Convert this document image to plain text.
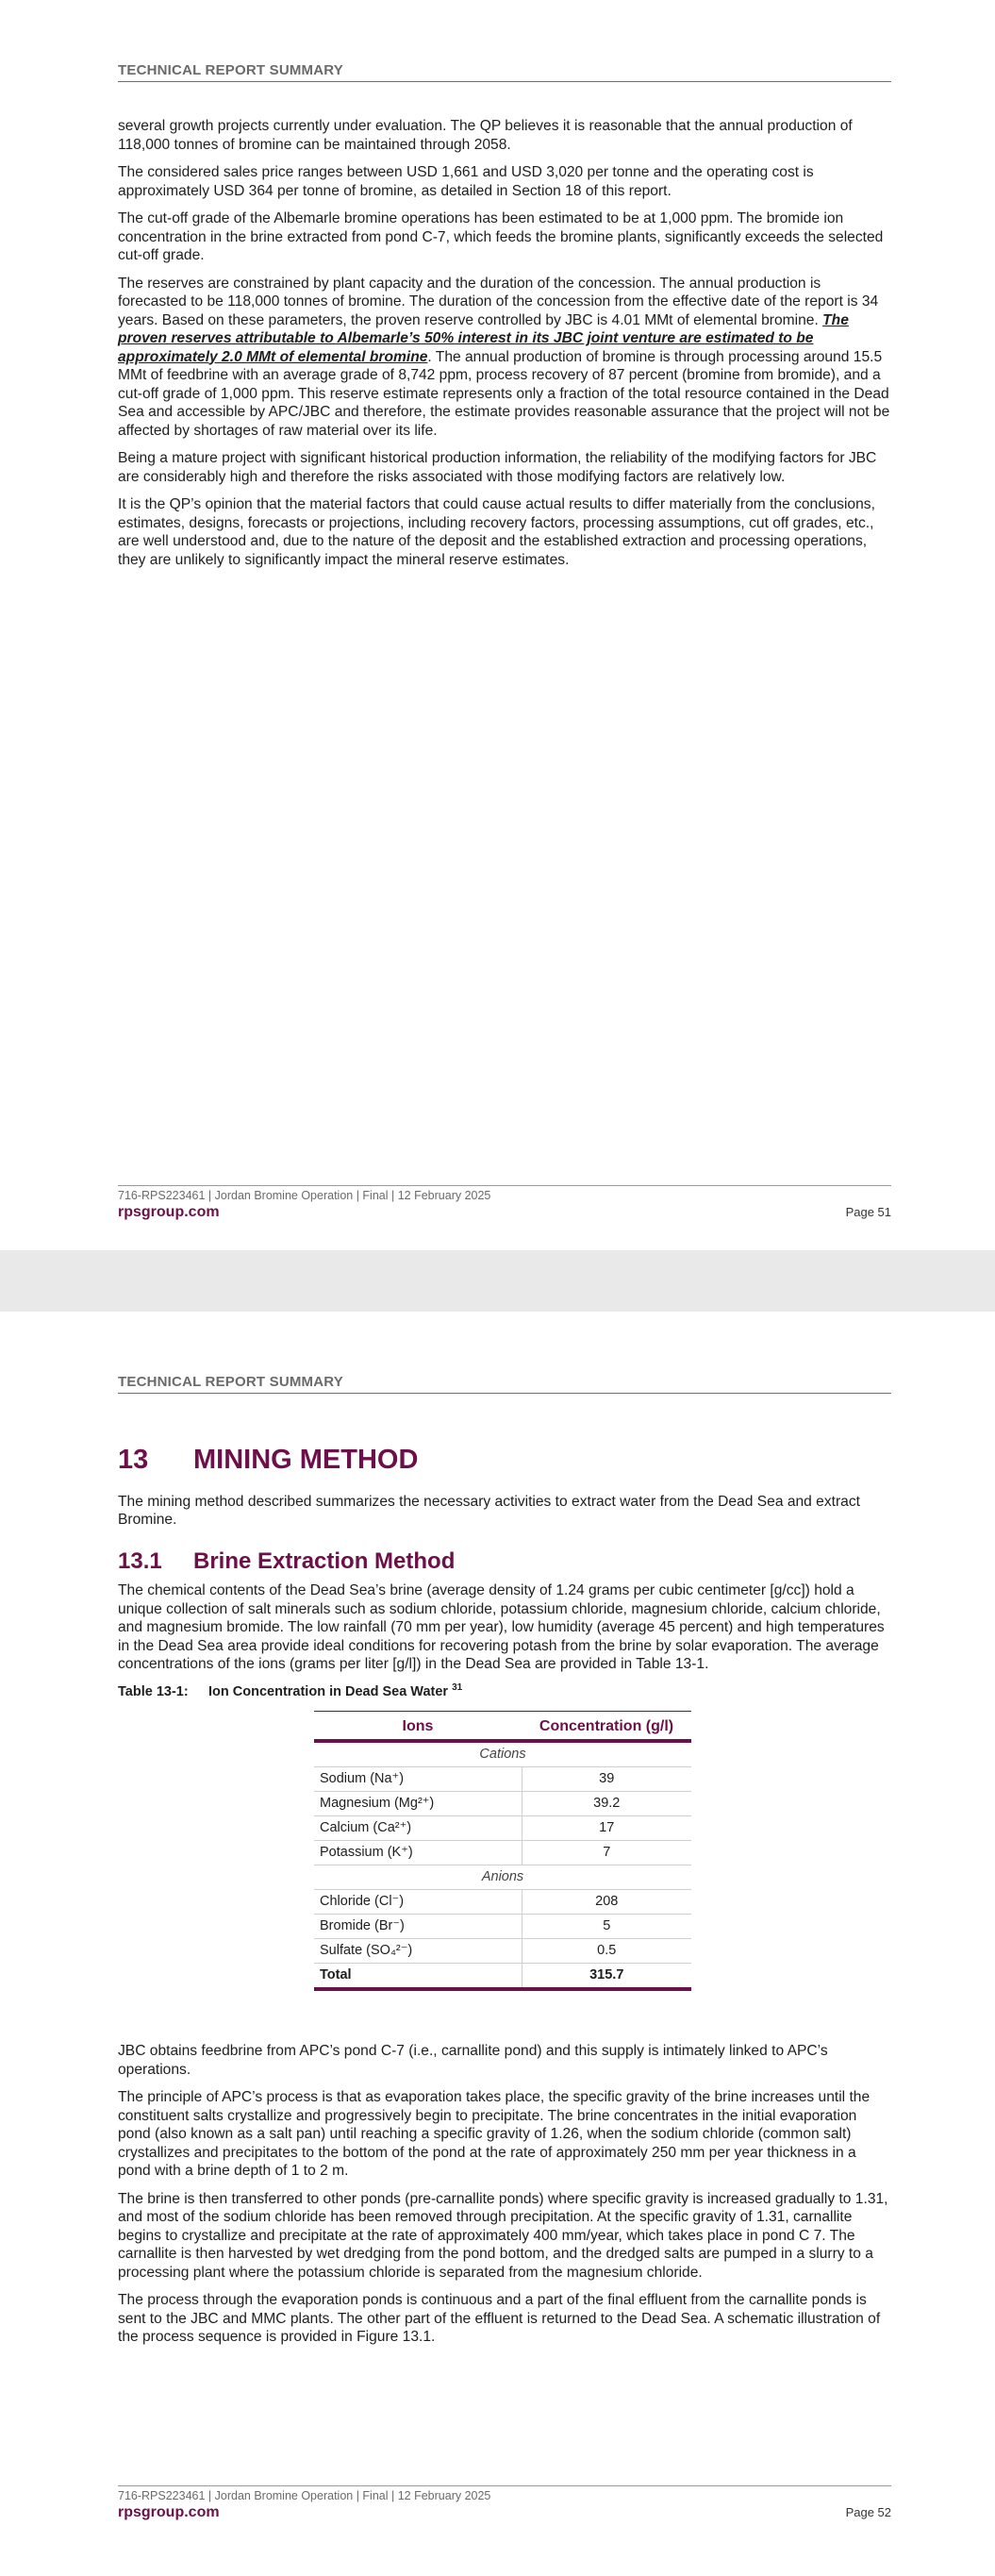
TECHNICAL REPORT SUMMARY

several growth projects currently under evaluation. The QP believes it is reasonable that the annual production of 118,000 tonnes of bromine can be maintained through 2058.

The considered sales price ranges between USD 1,661 and USD 3,020 per tonne and the operating cost is approximately USD 364 per tonne of bromine, as detailed in Section 18 of this report.

The cut-off grade of the Albemarle bromine operations has been estimated to be at 1,000 ppm. The bromide ion concentration in the brine extracted from pond C-7, which feeds the bromine plants, significantly exceeds the selected cut-off grade.

The reserves are constrained by plant capacity and the duration of the concession. The annual production is forecasted to be 118,000 tonnes of bromine. The duration of the concession from the effective date of the report is 34 years. Based on these parameters, the proven reserve controlled by JBC is 4.01 MMt of elemental bromine. The proven reserves attributable to Albemarle’s 50% interest in its JBC joint venture are estimated to be approximately 2.0 MMt of elemental bromine. The annual production of bromine is through processing around 15.5 MMt of feedbrine with an average grade of 8,742 ppm, process recovery of 87 percent (bromine from bromide), and a cut-off grade of 1,000 ppm. This reserve estimate represents only a fraction of the total resource contained in the Dead Sea and accessible by APC/JBC and therefore, the estimate provides reasonable assurance that the project will not be affected by shortages of raw material over its life.

Being a mature project with significant historical production information, the reliability of the modifying factors for JBC are considerably high and therefore the risks associated with those modifying factors are relatively low.

It is the QP’s opinion that the material factors that could cause actual results to differ materially from the conclusions, estimates, designs, forecasts or projections, including recovery factors, processing assumptions, cut off grades, etc., are well understood and, due to the nature of the deposit and the established extraction and processing operations, they are unlikely to significantly impact the mineral reserve estimates.

716-RPS223461 | Jordan Bromine Operation | Final | 12 February 2025
rpsgroup.com	Page 51
TECHNICAL REPORT SUMMARY
13	MINING METHOD

The mining method described summarizes the necessary activities to extract water from the Dead Sea and extract Bromine.

13.1	Brine Extraction Method

The chemical contents of the Dead Sea’s brine (average density of 1.24 grams per cubic centimeter [g/cc]) hold a unique collection of salt minerals such as sodium chloride, potassium chloride, magnesium chloride, calcium chloride, and magnesium bromide. The low rainfall (70 mm per year), low humidity (average 45 percent) and high temperatures in the Dead Sea area provide ideal conditions for recovering potash from the brine by solar evaporation. The average concentrations of the ions (grams per liter [g/l]) in the Dead Sea are provided in Table 13-1.

Table 13-1:	Ion Concentration in Dead Sea Water $^{31}$
Ions	Concentration (g/l)
Cations	
Sodium (Na⁺)	39
Magnesium (Mg²⁺)	39.2
Calcium (Ca²⁺)	17
Potassium (K⁺)	7
Anions	
Chloride (Cl⁻)	208
Bromide (Br⁻)	5
Sulfate (SO₄²⁻)	0.5
Total	315.7

JBC obtains feedbrine from APC’s pond C-7 (i.e., carnallite pond) and this supply is intimately linked to APC’s operations.

The principle of APC’s process is that as evaporation takes place, the specific gravity of the brine increases until the constituent salts crystallize and progressively begin to precipitate. The brine concentrates in the initial evaporation pond (also known as a salt pan) until reaching a specific gravity of 1.26, when the sodium chloride (common salt) crystallizes and precipitates to the bottom of the pond at the rate of approximately 250 mm per year thickness in a pond with a brine depth of 1 to 2 m.

The brine is then transferred to other ponds (pre-carnallite ponds) where specific gravity is increased gradually to 1.31, and most of the sodium chloride has been removed through precipitation. At the specific gravity of 1.31, carnallite begins to crystallize and precipitate at the rate of approximately 400 mm/year, which takes place in pond C 7. The carnallite is then harvested by wet dredging from the pond bottom, and the dredged salts are pumped in a slurry to a processing plant where the potassium chloride is separated from the magnesium chloride.

The process through the evaporation ponds is continuous and a part of the final effluent from the carnallite ponds is sent to the JBC and MMC plants. The other part of the effluent is returned to the Dead Sea. A schematic illustration of the process sequence is provided in Figure 13.1.

716-RPS223461 | Jordan Bromine Operation | Final | 12 February 2025
rpsgroup.com	Page 52
